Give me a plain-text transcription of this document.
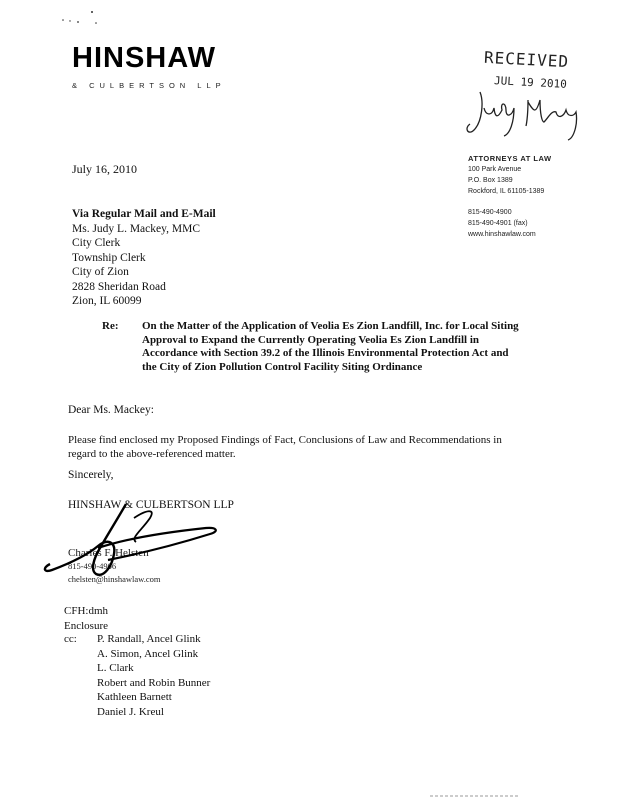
HINSHAW
& CULBERTSON LLP
RECEIVED
JUL 19 2010
ATTORNEYS AT LAW
100 Park Avenue
P.O. Box 1389
Rockford, IL 61105-1389
815-490-4900
815-490-4901 (fax)
www.hinshawlaw.com
July 16, 2010
Via Regular Mail and E-Mail
Ms. Judy L. Mackey, MMC
City Clerk
Township Clerk
City of Zion
2828 Sheridan Road
Zion, IL 60099
Re: On the Matter of the Application of Veolia Es Zion Landfill, Inc. for Local Siting Approval to Expand the Currently Operating Veolia Es Zion Landfill in Accordance with Section 39.2 of the Illinois Environmental Protection Act and the City of Zion Pollution Control Facility Siting Ordinance
Dear Ms. Mackey:
Please find enclosed my Proposed Findings of Fact, Conclusions of Law and Recommendations in regard to the above-referenced matter.
Sincerely,
HINSHAW & CULBERTSON LLP
Charles F. Helsten
815-490-4906
chelsten@hinshawlaw.com
CFH:dmh
Enclosure
cc: P. Randall, Ancel Glink
A. Simon, Ancel Glink
L. Clark
Robert and Robin Bunner
Kathleen Barnett
Daniel J. Kreul
